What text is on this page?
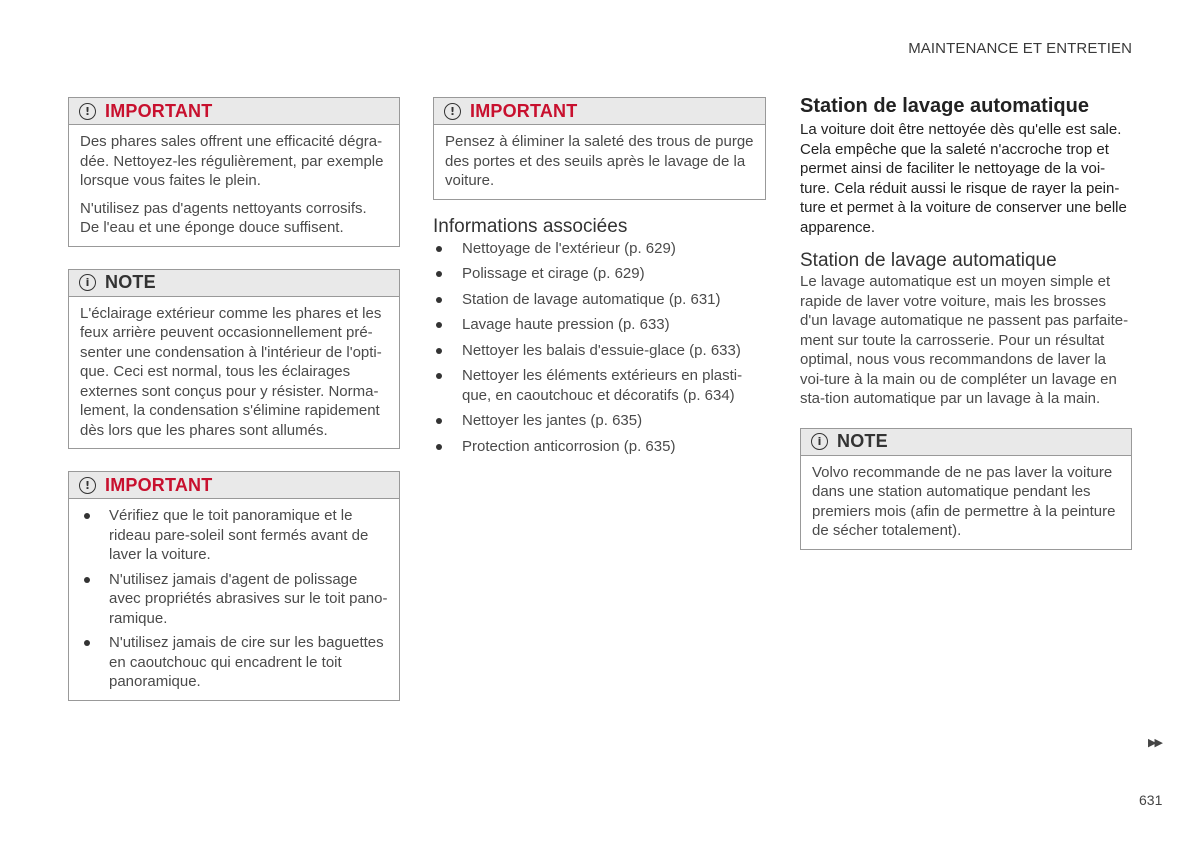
MAINTENANCE ET ENTRETIEN
! IMPORTANT

Des phares sales offrent une efficacité dégra-dée. Nettoyez-les régulièrement, par exemple lorsque vous faites le plein.

N'utilisez pas d'agents nettoyants corrosifs. De l'eau et une éponge douce suffisent.

i NOTE

L'éclairage extérieur comme les phares et les feux arrière peuvent occasionnellement pré-senter une condensation à l'intérieur de l'opti-que. Ceci est normal, tous les éclairages externes sont conçus pour y résister. Norma-lement, la condensation s'élimine rapidement dès lors que les phares sont allumés.

! IMPORTANT
Vérifiez que le toit panoramique et le rideau pare-soleil sont fermés avant de laver la voiture.
N'utilisez jamais d'agent de polissage avec propriétés abrasives sur le toit pano-ramique.
N'utilisez jamais de cire sur les baguettes en caoutchouc qui encadrent le toit panoramique.
! IMPORTANT

Pensez à éliminer la saleté des trous de purge des portes et des seuils après le lavage de la voiture.

Informations associées
Nettoyage de l'extérieur (p. 629)
Polissage et cirage (p. 629)
Station de lavage automatique (p. 631)
Lavage haute pression (p. 633)
Nettoyer les balais d'essuie-glace (p. 633)
Nettoyer les éléments extérieurs en plasti-que, en caoutchouc et décoratifs (p. 634)
Nettoyer les jantes (p. 635)
Protection anticorrosion (p. 635)
Station de lavage automatique

La voiture doit être nettoyée dès qu'elle est sale. Cela empêche que la saleté n'accroche trop et permet ainsi de faciliter le nettoyage de la voi-ture. Cela réduit aussi le risque de rayer la pein-ture et permet à la voiture de conserver une belle apparence.

Station de lavage automatique

Le lavage automatique est un moyen simple et rapide de laver votre voiture, mais les brosses d'un lavage automatique ne passent pas parfaite-ment sur toute la carrosserie. Pour un résultat optimal, nous vous recommandons de laver la voi-ture à la main ou de compléter un lavage en sta-tion automatique par un lavage à la main.

i NOTE

Volvo recommande de ne pas laver la voiture dans une station automatique pendant les premiers mois (afin de permettre à la peinture de sécher totalement).

▶▶
631
